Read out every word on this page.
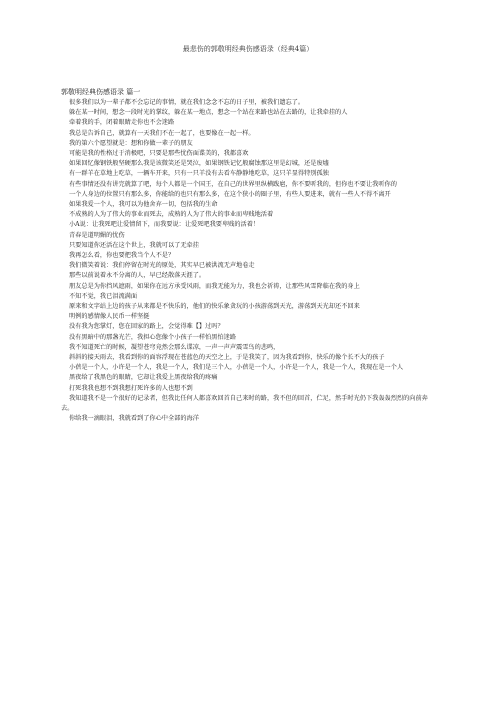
最悲伤的郭敬明经典伤感语录（经典4篇）
郭敬明经典伤感语录 篇一

很多我们以为一辈子都不会忘记的事情，就在我们念念不忘的日子里，被我们遗忘了。

躲在某一时间，想念一段时光的掌纹，躲在某一地点，想念一个站在来路也站在去路的，让我牵挂的人

牵着我的手，闭着眼睛走你也不会迷路

我总是告诉自己，就算有一天我们不在一起了，也要像在一起一样。

我的第六个愿望就是：想和你做一辈子的朋友

可能是我的性格过于消极吧，只要是那些忧伤面谍美的，我都喜欢

如果回忆像钢铁般坚硬那么我是该微笑还是哭泣，如果钢铁记忆般腐蚀那这里是幻城，还是废墟

有一群羊在草地上吃草，一辆车开来，只有一只羊没有去看车静静地吃草，这只羊显得特别孤独

有些事情还没有讲完就算了吧，每个人都是一个国王，在自己的世界里纵横跋扈，你不要听我的，但你也不要让我听你的

一个人身边的位置只有那么多，你能给的也只有那么多，在这个狭小的圈子里，有些人要进来，就有一些人不得不离开

如果我爱一个人，我可以为他舍弃一切，包括我的生命

不成熟的人为了伟大的事业而死去，成熟的人为了伟大的事业而卑贱地活着

小A说：让我死吧让爱情留下，而我要说：让爱死吧我要卑贱的活着！

青春是道明媚的忧伤

只要知道你还活在这个世上，我就可以了无牵挂

我再怎么看，你也要把我当个人不是？

我们微笑着说：我们停留在时光的原处，其实早已被洪流无声地卷走

那些以前说着永不分离的人，早已经散落天涯了。

朋友总是为你挡风遮雨，如果你在远方承受风雨，而我无能为力，我也会祈祷，让那些风雪降临在我的身上

不知不觉，我已泪流满面

原来和文字站上边的孩子从来都是不快乐的，他们的快乐象贪玩的小孩游荡到天光，游荡到天光却还不回来

明例的感情像人民币一样坚挺

没有我为您掌灯，您在回家的路上，会觉得难【】过吗？

没有黑暗中的那盏光芒，我担心您像个小孩子一样怕黑怕迷路

我不知道死亡的时候，凝望苍穹竟然会那么谍凉，一声一声声震雪鸟的悲鸣，

斜斜的接天雨去，我看到你的面容浮现在苍蓝色的天空之上，于是我笑了，因为我看到你，快乐的像个长不大的孩子

小蓓是一个人，小许是一个人，我是一个人，我们是三个人，小蓓是一个人，小许是一个人，我是一个人，我现在是一个人

黑夜给了我黑色的眼睛，它却让我爱上黑夜给我的疼痛

打死我我也想不到我想打死许多的人也想不到

我知道我不是一个很好的记录者，但我比任何人都喜欢回首自己来时的路，我不但的回首，伫足，然手时光仍下我轰轰烈烈的向前奔去。

你给我一滴眼泪，我就看到了你心中全部的海洋
